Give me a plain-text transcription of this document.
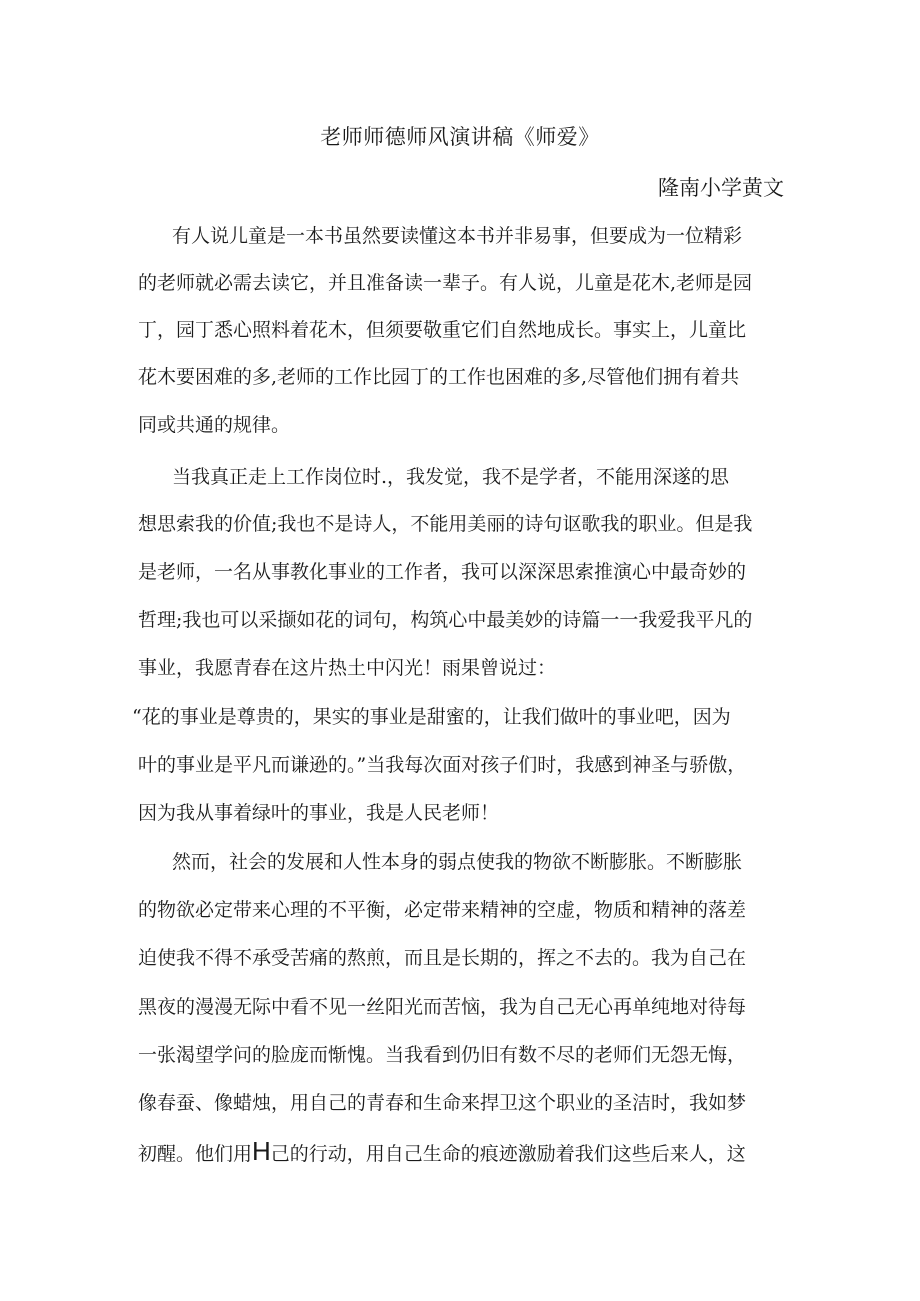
老师师德师风演讲稿《师爱》

隆南小学黄文

有人说儿童是一本书虽然要读懂这本书并非易事，但要成为一位精彩

的老师就必需去读它，并且准备读一辈子。有人说，儿童是花木,老师是园

丁，园丁悉心照料着花木，但须要敬重它们自然地成长。事实上，儿童比

花木要困难的多,老师的工作比园丁的工作也困难的多,尽管他们拥有着共

同或共通的规律。

当我真正走上工作岗位时.，我发觉，我不是学者，不能用深遂的思

想思索我的价值;我也不是诗人，不能用美丽的诗句讴歌我的职业。但是我

是老师，一名从事教化事业的工作者，我可以深深思索推演心中最奇妙的

哲理;我也可以采撷如花的词句，构筑心中最美妙的诗篇一一我爱我平凡的

事业，我愿青春在这片热土中闪光！雨果曾说过：

“花的事业是尊贵的，果实的事业是甜蜜的，让我们做叶的事业吧，因为

叶的事业是平凡而谦逊的。”当我每次面对孩子们时，我感到神圣与骄傲，

因为我从事着绿叶的事业，我是人民老师！

然而，社会的发展和人性本身的弱点使我的物欲不断膨胀。不断膨胀

的物欲必定带来心理的不平衡，必定带来精神的空虚，物质和精神的落差

迫使我不得不承受苦痛的熬煎，而且是长期的，挥之不去的。我为自己在

黑夜的漫漫无际中看不见一丝阳光而苦恼，我为自己无心再单纯地对待每

一张渴望学问的脸庞而惭愧。当我看到仍旧有数不尽的老师们无怨无悔，

像春蚕、像蜡烛，用自己的青春和生命来捍卫这个职业的圣洁时，我如梦

初醒。他们用H己的行动，用自己生命的痕迹激励着我们这些后来人，这
